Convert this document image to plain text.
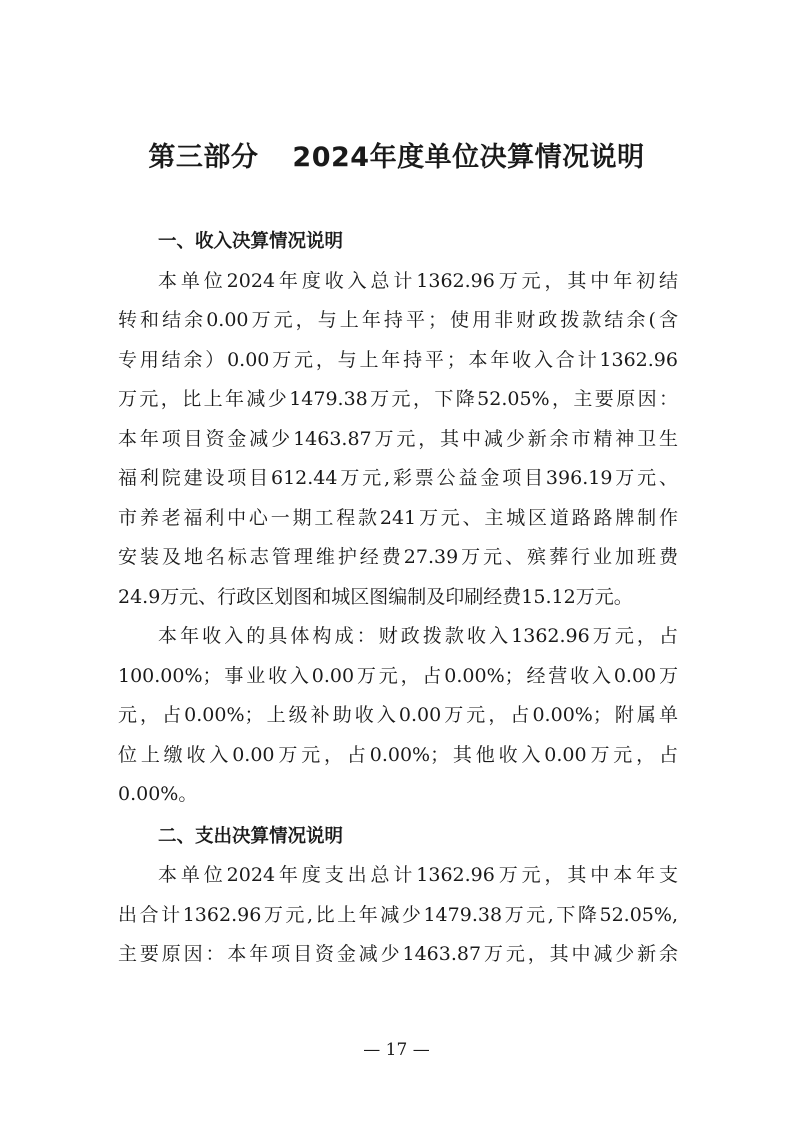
第三部分 2024年度单位决算情况说明
一、收入决算情况说明
本单位2024年度收入总计1362.96万元，其中年初结
转和结余0.00万元，与上年持平；使用非财政拨款结余(含
专用结余）0.00万元，与上年持平；本年收入合计1362.96
万元，比上年减少1479.38万元，下降52.05%，主要原因：
本年项目资金减少1463.87万元，其中减少新余市精神卫生
福利院建设项目612.44万元,彩票公益金项目396.19万元、
市养老福利中心一期工程款241万元、主城区道路路牌制作
安装及地名标志管理维护经费27.39万元、殡葬行业加班费
24.9万元、行政区划图和城区图编制及印刷经费15.12万元。
本年收入的具体构成：财政拨款收入1362.96万元，占
100.00%；事业收入0.00万元，占0.00%；经营收入0.00万
元，占0.00%；上级补助收入0.00万元，占0.00%；附属单
位上缴收入0.00万元，占0.00%；其他收入0.00万元，占
0.00%。
二、支出决算情况说明
本单位2024年度支出总计1362.96万元，其中本年支
出合计1362.96万元,比上年减少1479.38万元,下降52.05%,
主要原因：本年项目资金减少1463.87万元，其中减少新余
— 17 —
